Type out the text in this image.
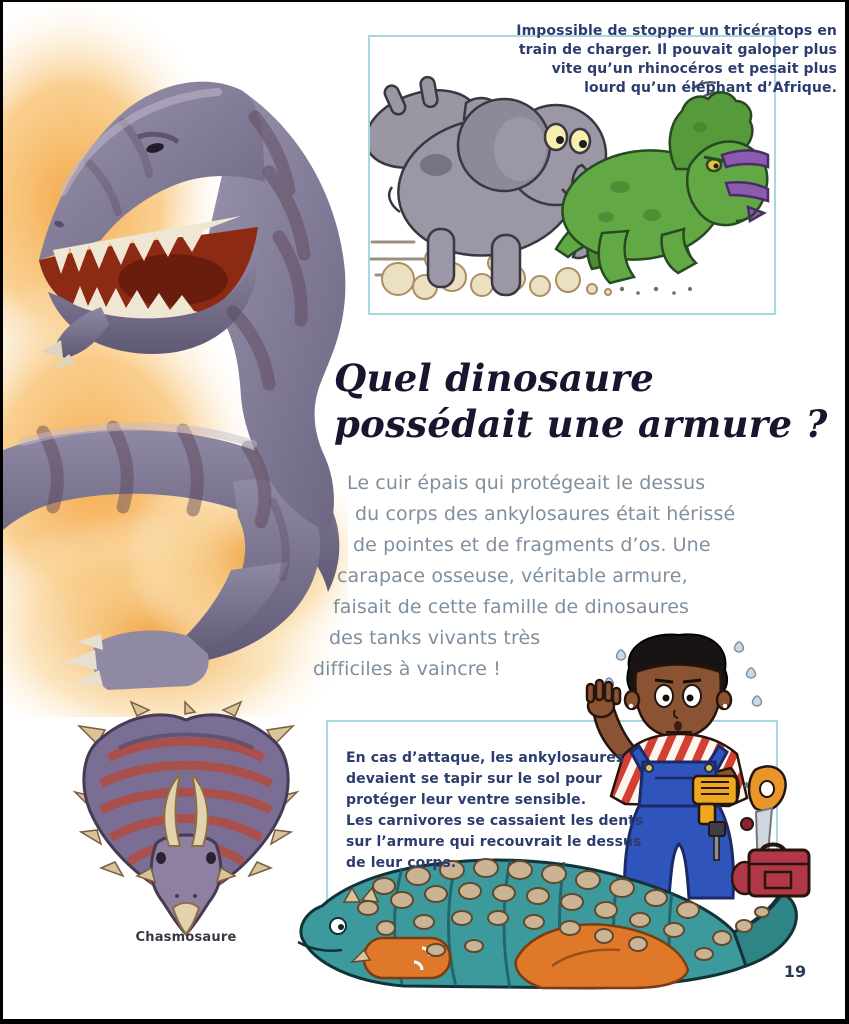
Impossible de stopper un tricératops en
train de charger. Il pouvait galoper plus
vite qu’un rhinocéros et pesait plus
lourd qu’un éléphant d’Afrique.
Quel dinosaure
possédait une armure ?
Le cuir épais qui protégeait le dessus
du corps des ankylosaures était hérissé
de pointes et de fragments d’os. Une
carapace osseuse, véritable armure,
faisait de cette famille de dinosaures
des tanks vivants très
difficiles à vaincre !
Chasmosaure
En cas d’attaque, les ankylosaures
devaient se tapir sur le sol pour
protéger leur ventre sensible.
Les carnivores se cassaient les dents
sur l’armure qui recouvrait le dessus
de leur corps.
19
